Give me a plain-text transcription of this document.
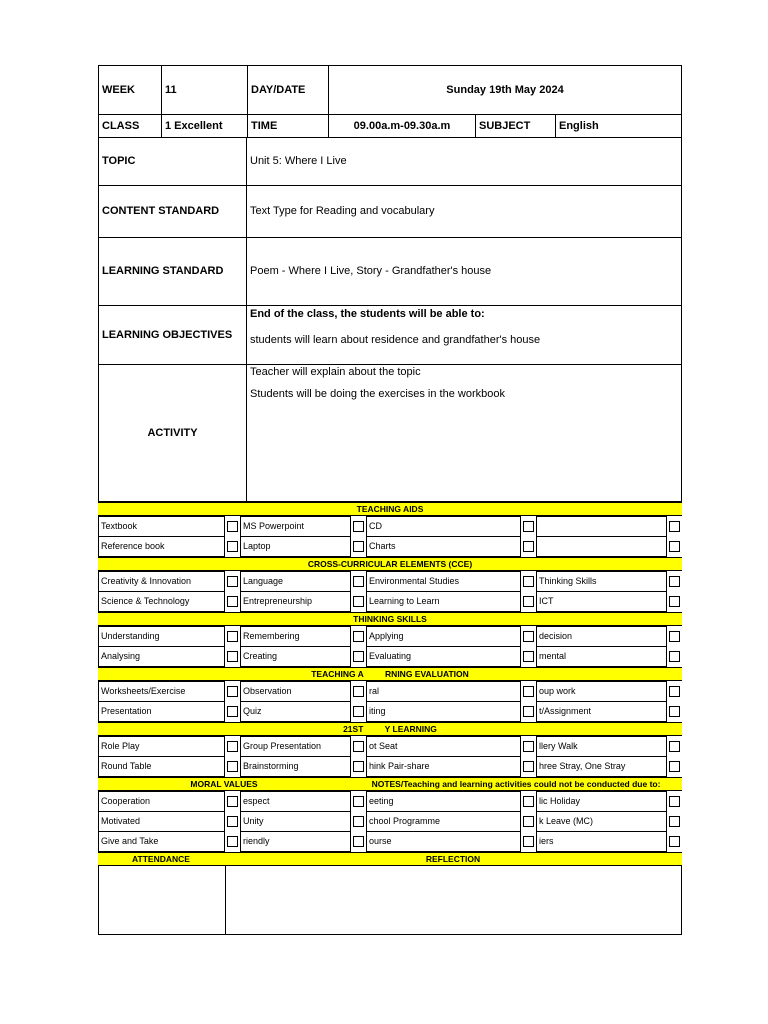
WEEK	11	DAY/DATE	Sunday 19th May 2024		
CLASS	1 Excellent	TIME	09.00a.m-09.30a.m	SUBJECT	English
TOPIC	Unit 5: Where I Live
CONTENT STANDARD	Text Type for Reading and vocabulary
LEARNING STANDARD	Poem - Where I Live, Story - Grandfather's house
LEARNING OBJECTIVES	End of the class, the students will be able to:
students will learn about residence and grandfather's house

ACTIVITY	Teacher will explain about the topic
Students will be doing the exercises in the workbook
TEACHING AIDS
Textbook		MS Powerpoint		CD			
Reference book		Laptop		Charts			
CROSS-CURRICULAR ELEMENTS (CCE)
Creativity & Innovation		Language		Environmental Studies		Thinking Skills	
Science & Technology		Entrepreneurship		Learning to Learn		ICT	
THINKING SKILLS
Understanding		Remembering		Applying		decision	
Analysing		Creating		Evaluating		mental	
TEACHING A     RNING EVALUATION
Worksheets/Exercise		Observation		ral		oup work	
Presentation		Quiz		iting		t/Assignment	
21ST     Y LEARNING
Role Play		Group Presentation		ot Seat		llery Walk	
Round Table		Brainstorming		hink Pair-share		hree Stray, One Stray	
MORAL VALUES	NOTES/Teaching and learning activities could not be conducted due to:
Cooperation		espect		eeting		lic Holiday	
Motivated		Unity		chool Programme		k Leave (MC)	
Give and Take		riendly		ourse		iers	
ATTENDANCE	REFLECTION
